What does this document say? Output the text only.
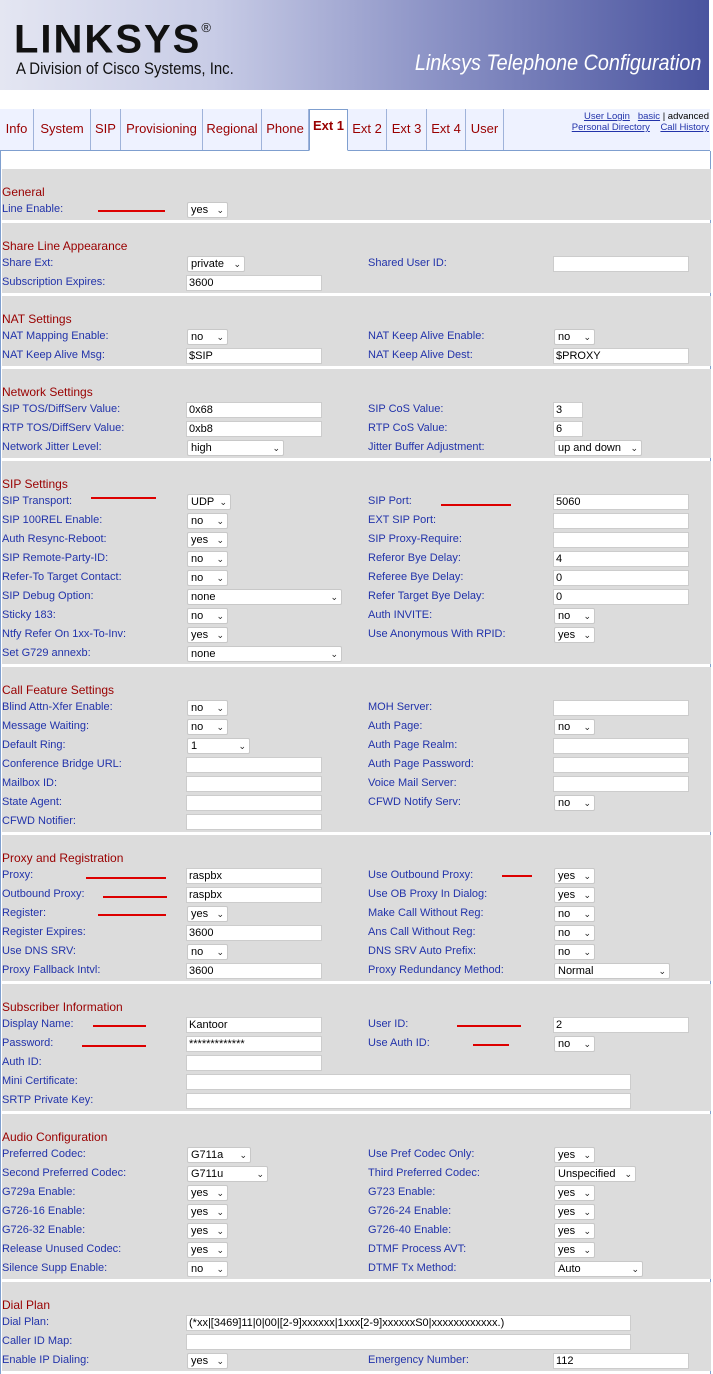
LINKSYS®
A Division of Cisco Systems, Inc.	Linksys Telephone Configuration
Info System SIP Provisioning Regional Phone Ext 1 Ext 2 Ext 3 Ext 4 User
User Login basic | advanced
Personal Directory Call History
General
Line Enable:	yes ⌄
Share Line Appearance
Share Ext:	private ⌄	Shared User ID:
Subscription Expires:	3600
NAT Settings
NAT Mapping Enable:	no ⌄	NAT Keep Alive Enable:	no ⌄
NAT Keep Alive Msg:	$SIP	NAT Keep Alive Dest:	$PROXY
Network Settings
SIP TOS/DiffServ Value:	0x68	SIP CoS Value:	3
RTP TOS/DiffServ Value:	0xb8	RTP CoS Value:	6
Network Jitter Level:	high	⌄	Jitter Buffer Adjustment:	up and down ⌄
SIP Settings
SIP Transport:	UDP ⌄	SIP Port:	5060
SIP 100REL Enable:	no ⌄	EXT SIP Port:
Auth Resync-Reboot:	yes ⌄	SIP Proxy-Require:
SIP Remote-Party-ID:	no ⌄	Referor Bye Delay:	4
Refer-To Target Contact:	no ⌄	Referee Bye Delay:	0
SIP Debug Option:	none	⌄	Refer Target Bye Delay:	0
Sticky 183:	no ⌄	Auth INVITE:	no ⌄
Ntfy Refer On 1xx-To-Inv:	yes ⌄	Use Anonymous With RPID:	yes ⌄
Set G729 annexb:	none	⌄
Call Feature Settings
Blind Attn-Xfer Enable:	no ⌄	MOH Server:
Message Waiting:	no ⌄	Auth Page:	no ⌄
Default Ring:	1	⌄	Auth Page Realm:
Conference Bridge URL:	Auth Page Password:
Mailbox ID:	Voice Mail Server:
State Agent:	CFWD Notify Serv:	no ⌄
CFWD Notifier:
Proxy and Registration
Proxy:	raspbx	Use Outbound Proxy:	yes ⌄
Outbound Proxy:	raspbx	Use OB Proxy In Dialog:	yes ⌄
Register:	yes ⌄	Make Call Without Reg:	no ⌄
Register Expires:	3600	Ans Call Without Reg:	no ⌄
Use DNS SRV:	no ⌄	DNS SRV Auto Prefix:	no ⌄
Proxy Fallback Intvl:	3600	Proxy Redundancy Method:	Normal	⌄
Subscriber Information
Display Name:	Kantoor	User ID:	2
Password:	*************	Use Auth ID:	no ⌄
Auth ID:
Mini Certificate:
SRTP Private Key:
Audio Configuration
Preferred Codec:	G711a ⌄	Use Pref Codec Only:	yes ⌄
Second Preferred Codec:	G711u	⌄	Third Preferred Codec:	Unspecified ⌄
G729a Enable:	yes ⌄	G723 Enable:	yes ⌄
G726-16 Enable:	yes ⌄	G726-24 Enable:	yes ⌄
G726-32 Enable:	yes ⌄	G726-40 Enable:	yes ⌄
Release Unused Codec:	yes ⌄	DTMF Process AVT:	yes ⌄
Silence Supp Enable:	no ⌄	DTMF Tx Method:	Auto	⌄
Dial Plan
Dial Plan:	(*xx|[3469]11|0|00|[2-9]xxxxxx|1xxx[2-9]xxxxxxS0|xxxxxxxxxxxx.)
Caller ID Map:
Enable IP Dialing:	yes ⌄	Emergency Number:	112
